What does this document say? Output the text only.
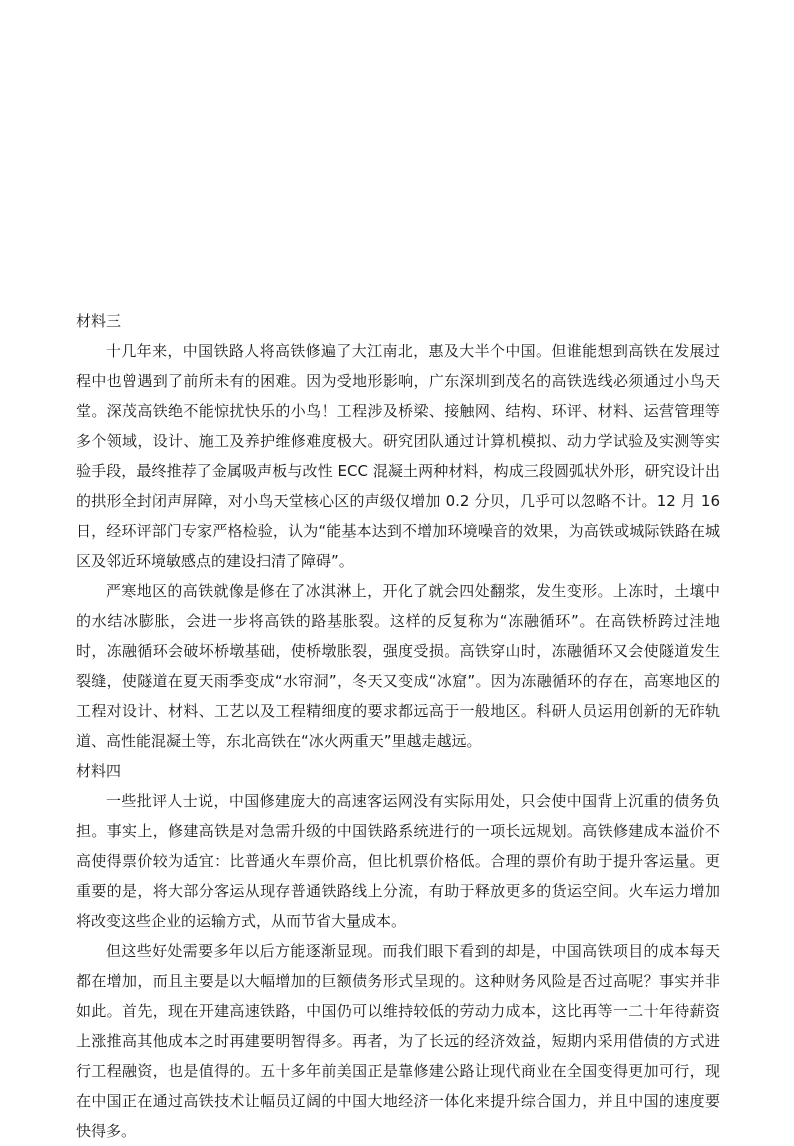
材料三

十几年来，中国铁路人将高铁修遍了大江南北，惠及大半个中国。但谁能想到高铁在发展过程中也曾遇到了前所未有的困难。因为受地形影响，广东深圳到茂名的高铁选线必须通过小鸟天堂。深茂高铁绝不能惊扰快乐的小鸟！工程涉及桥梁、接触网、结构、环评、材料、运营管理等多个领域，设计、施工及养护维修难度极大。研究团队通过计算机模拟、动力学试验及实测等实验手段，最终推荐了金属吸声板与改性 ECC 混凝土两种材料，构成三段圆弧状外形，研究设计出的拱形全封闭声屏障，对小鸟天堂核心区的声级仅增加 0.2 分贝，几乎可以忽略不计。12 月 16 日，经环评部门专家严格检验，认为“能基本达到不增加环境噪音的效果，为高铁或城际铁路在城区及邻近环境敏感点的建设扫清了障碍”。

严寒地区的高铁就像是修在了冰淇淋上，开化了就会四处翻浆，发生变形。上冻时，土壤中的水结冰膨胀，会进一步将高铁的路基胀裂。这样的反复称为“冻融循环”。在高铁桥跨过洼地时，冻融循环会破坏桥墩基础，使桥墩胀裂，强度受损。高铁穿山时，冻融循环又会使隧道发生裂缝，使隧道在夏天雨季变成“水帘洞”，冬天又变成“冰窟”。因为冻融循环的存在，高寒地区的工程对设计、材料、工艺以及工程精细度的要求都远高于一般地区。科研人员运用创新的无砟轨道、高性能混凝土等，东北高铁在“冰火两重天”里越走越远。

材料四

一些批评人士说，中国修建庞大的高速客运网没有实际用处，只会使中国背上沉重的债务负担。事实上，修建高铁是对急需升级的中国铁路系统进行的一项长远规划。高铁修建成本溢价不高使得票价较为适宜：比普通火车票价高，但比机票价格低。合理的票价有助于提升客运量。更重要的是，将大部分客运从现存普通铁路线上分流，有助于释放更多的货运空间。火车运力增加将改变这些企业的运输方式，从而节省大量成本。

但这些好处需要多年以后方能逐渐显现。而我们眼下看到的却是，中国高铁项目的成本每天都在增加，而且主要是以大幅增加的巨额债务形式呈现的。这种财务风险是否过高呢？事实并非如此。首先，现在开建高速铁路，中国仍可以维持较低的劳动力成本，这比再等一二十年待薪资上涨推高其他成本之时再建要明智得多。再者，为了长远的经济效益，短期内采用借债的方式进行工程融资，也是值得的。五十多年前美国正是靠修建公路让现代商业在全国变得更加可行，现在中国正在通过高铁技术让幅员辽阔的中国大地经济一体化来提升综合国力，并且中国的速度要快得多。
